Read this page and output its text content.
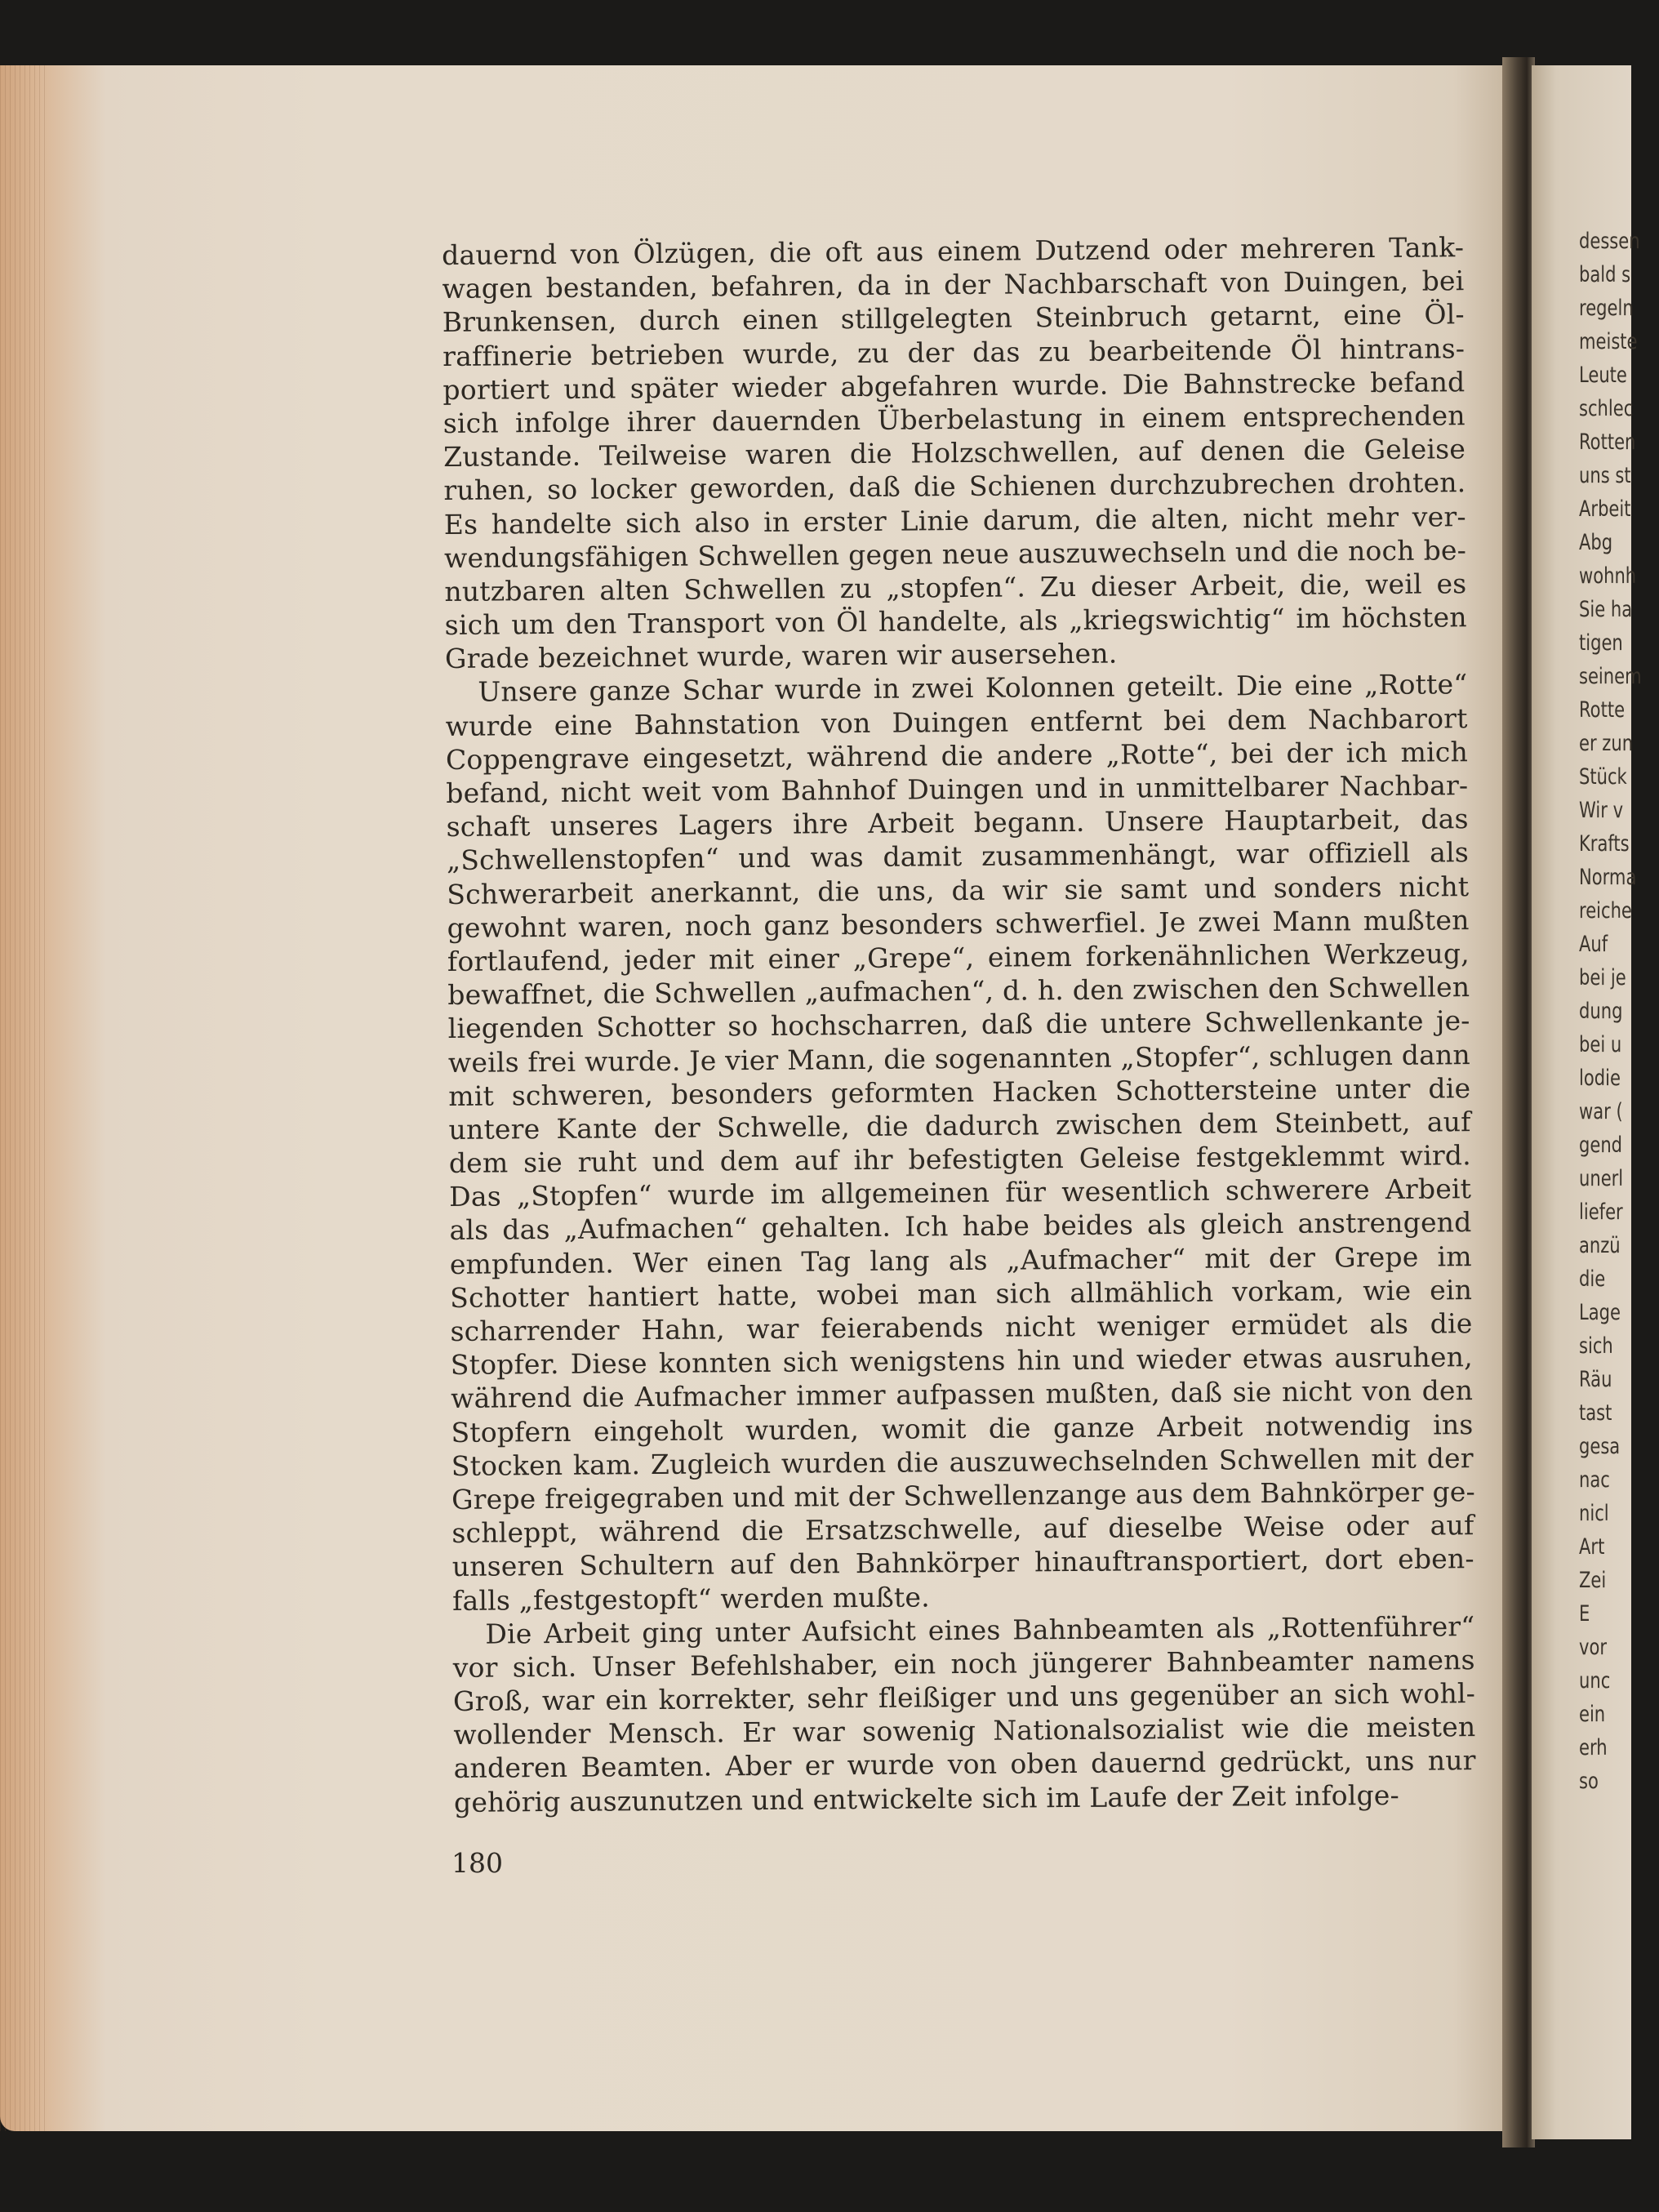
dessen
bald s
regeln
meiste
Leute
schlec
Rotten
uns st
Arbeit
Abg
wohnh
Sie ha
tigen
seinem
Rotte
er zun
Stück
Wir v
Krafts
Norma
reiche
Auf
bei je
dung
bei u
lodie
war (
gend
unerl
liefer
anzü
die
Lage
sich
Räu
tast
gesa
nac
nicl
Art
Zei
E
vor
unc
ein
erh
so
dauernd von Ölzügen, die oft aus einem Dutzend oder mehreren Tank-
wagen bestanden, befahren, da in der Nachbarschaft von Duingen, bei
Brunkensen, durch einen stillgelegten Steinbruch getarnt, eine Öl-
raffinerie betrieben wurde, zu der das zu bearbeitende Öl hintrans-
portiert und später wieder abgefahren wurde. Die Bahnstrecke befand
sich infolge ihrer dauernden Überbelastung in einem entsprechenden
Zustande. Teilweise waren die Holzschwellen, auf denen die Geleise
ruhen, so locker geworden, daß die Schienen durchzubrechen drohten.
Es handelte sich also in erster Linie darum, die alten, nicht mehr ver-
wendungsfähigen Schwellen gegen neue auszuwechseln und die noch be-
nutzbaren alten Schwellen zu „stopfen“. Zu dieser Arbeit, die, weil es
sich um den Transport von Öl handelte, als „kriegswichtig“ im höchsten
Grade bezeichnet wurde, waren wir ausersehen.
Unsere ganze Schar wurde in zwei Kolonnen geteilt. Die eine „Rotte“
wurde eine Bahnstation von Duingen entfernt bei dem Nachbarort
Coppengrave eingesetzt, während die andere „Rotte“, bei der ich mich
befand, nicht weit vom Bahnhof Duingen und in unmittelbarer Nachbar-
schaft unseres Lagers ihre Arbeit begann. Unsere Hauptarbeit, das
„Schwellenstopfen“ und was damit zusammenhängt, war offiziell als
Schwerarbeit anerkannt, die uns, da wir sie samt und sonders nicht
gewohnt waren, noch ganz besonders schwerfiel. Je zwei Mann mußten
fortlaufend, jeder mit einer „Grepe“, einem forkenähnlichen Werkzeug,
bewaffnet, die Schwellen „aufmachen“, d. h. den zwischen den Schwellen
liegenden Schotter so hochscharren, daß die untere Schwellenkante je-
weils frei wurde. Je vier Mann, die sogenannten „Stopfer“, schlugen dann
mit schweren, besonders geformten Hacken Schottersteine unter die
untere Kante der Schwelle, die dadurch zwischen dem Steinbett, auf
dem sie ruht und dem auf ihr befestigten Geleise festgeklemmt wird.
Das „Stopfen“ wurde im allgemeinen für wesentlich schwerere Arbeit
als das „Aufmachen“ gehalten. Ich habe beides als gleich anstrengend
empfunden. Wer einen Tag lang als „Aufmacher“ mit der Grepe im
Schotter hantiert hatte, wobei man sich allmählich vorkam, wie ein
scharrender Hahn, war feierabends nicht weniger ermüdet als die
Stopfer. Diese konnten sich wenigstens hin und wieder etwas ausruhen,
während die Aufmacher immer aufpassen mußten, daß sie nicht von den
Stopfern eingeholt wurden, womit die ganze Arbeit notwendig ins
Stocken kam. Zugleich wurden die auszuwechselnden Schwellen mit der
Grepe freigegraben und mit der Schwellenzange aus dem Bahnkörper ge-
schleppt, während die Ersatzschwelle, auf dieselbe Weise oder auf
unseren Schultern auf den Bahnkörper hinauftransportiert, dort eben-
falls „festgestopft“ werden mußte.
Die Arbeit ging unter Aufsicht eines Bahnbeamten als „Rottenführer“
vor sich. Unser Befehlshaber, ein noch jüngerer Bahnbeamter namens
Groß, war ein korrekter, sehr fleißiger und uns gegenüber an sich wohl-
wollender Mensch. Er war sowenig Nationalsozialist wie die meisten
anderen Beamten. Aber er wurde von oben dauernd gedrückt, uns nur
gehörig auszunutzen und entwickelte sich im Laufe der Zeit infolge-
180
